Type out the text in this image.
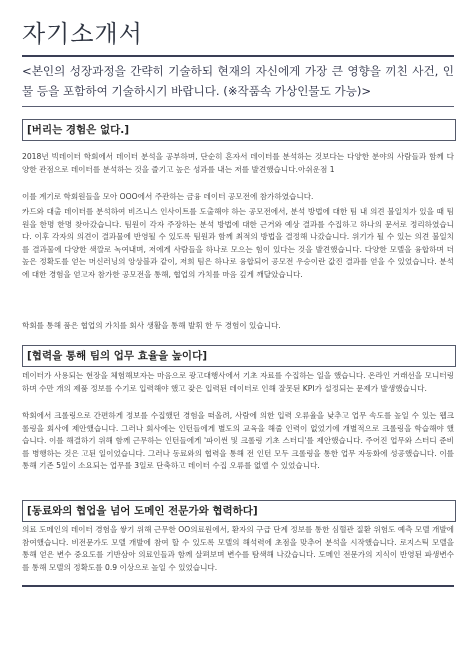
자기소개서
<본인의 성장과정을 간략히 기술하되 현재의 자신에게 가장 큰 영향을 끼친 사건, 인물 등을 포함하여 기술하시기 바랍니다. (※작품속 가상인물도 가능)>
[버리는 경험은 없다.]

2018년 빅데이터 학회에서 데이터 분석을 공부하며, 단순히 혼자서 데이터를 분석하는 것보다는 다양한 분야의 사람들과 함께 다양한 관점으로 데이터를 분석하는 것을 즐기고 높은 성과를 내는 저를 발견했습니다.아쉬운점 1

이를 계기로 학회원들을 모아 OOO에서 주관하는 금융 데이터 공모전에 참가하였습니다.

카드와 대출 데이터를 분석하여 비즈니스 인사이트를 도출해야 하는 공모전에서, 분석 방법에 대한 팀 내 의견 불일치가 있을 때 팀원을 한명 한명 찾아갔습니다. 팀원이 각자 주장하는 분석 방법에 대한 근거와 예상 결과를 수집하고 하나의 문서로 정리하였습니다. 이후 각자의 의견이 결과물에 반영될 수 있도록 팀원과 함께 최적의 방법을 결정해 나갔습니다. 위기가 될 수 있는 의견 불일치를 결과물에 다양한 색깔로 녹여내며, 저에게 사람들을 하나로 모으는 힘이 있다는 것을 발견했습니다. 다양한 모델을 융합하며 더 높은 정확도를 얻는 머신러닝의 앙상블과 같이, 저희 팀은 하나로 융합되어 공모전 우승이란 값진 결과를 얻을 수 있었습니다. 분석에 대한 경험을 얻고자 참가한 공모전을 통해, 협업의 가치를 마음 깊게 깨달았습니다.

학회를 통해 품은 협업의 가치를 회사 생활을 통해 발휘 한 두 경험이 있습니다.

[협력을 통해 팀의 업무 효율을 높이다]

데이터가 사용되는 현장을 체험해보자는 마음으로 광고대행사에서 기초 자료를 수집하는 일을 했습니다. 온라인 거래선을 모니터링하며 수만 개의 제품 정보를 수기로 입력해야 했고 잦은 입력된 데이터로 인해 잘못된 KPI가 설정되는 문제가 발생했습니다.

학회에서 크롤링으로 간편하게 정보를 수집했던 경험을 떠올려, 사람에 의한 입력 오류율을 낮추고 업무 속도를 높일 수 있는 웹크롤링을 회사에 제안했습니다. 그러나 회사에는 인턴들에게 별도의 교육을 해줄 인력이 없었기에 개별적으로 크롤링을 학습해야 했습니다. 이를 해결하기 위해 함께 근무하는 인턴들에게 '파이썬 및 크롤링 기초 스터디'를 제안했습니다. 주어진 업무와 스터디 준비를 병행하는 것은 고된 일이었습니다. 그러나 동료와의 협력을 통해 전 인턴 모두 크롤링을 통한 업무 자동화에 성공했습니다. 이를 통해 기존 5일이 소요되는 업무를 3일로 단축하고 데이터 수집 오류를 없앨 수 있었습니다.

[동료와의 협업을 넘어 도메인 전문가와 협력하다]

의료 도메인의 데이터 경험을 쌓기 위해 근무한 OO의료원에서, 환자의 구급 단계 정보를 통한 심혈관 질환 위험도 예측 모델 개발에 참여했습니다. 비전문가도 모델 개발에 참여 할 수 있도록 모델의 해석력에 초점을 맞추어 분석을 시작했습니다. 로지스틱 모델을 통해 얻은 변수 중요도를 기반삼아 의료인들과 함께 살펴보며 변수를 탐색해 나갔습니다. 도메인 전문가의 지식이 반영된 파생변수를 통해 모델의 정확도를 0.9 이상으로 높일 수 있었습니다.
